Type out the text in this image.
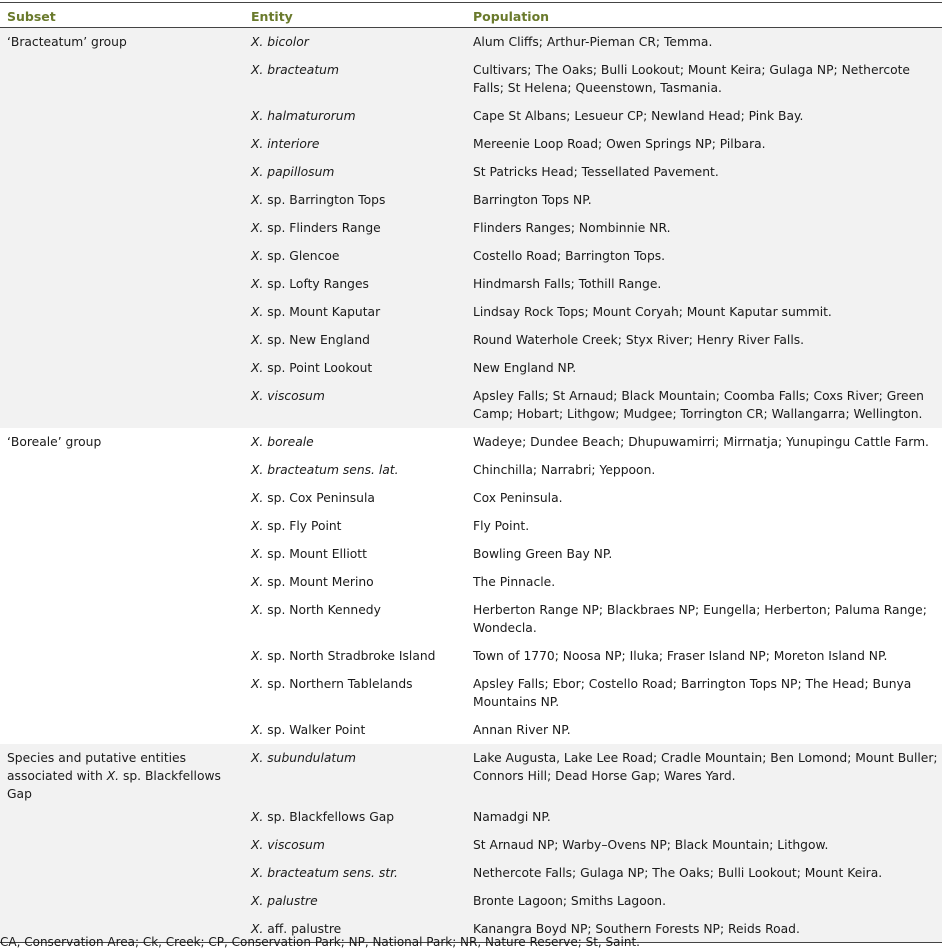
Subset	Entity	Population

‘Bracteatum’ group	X. bicolor	Alum Cliffs; Arthur-Pieman CR; Temma.
	X. bracteatum	Cultivars; The Oaks; Bulli Lookout; Mount Keira; Gulaga NP; Nethercote Falls; St Helena; Queenstown, Tasmania.
	X. halmaturorum	Cape St Albans; Lesueur CP; Newland Head; Pink Bay.
	X. interiore	Mereenie Loop Road; Owen Springs NP; Pilbara.
	X. papillosum	St Patricks Head; Tessellated Pavement.
	X. sp. Barrington Tops	Barrington Tops NP.
	X. sp. Flinders Range	Flinders Ranges; Nombinnie NR.
	X. sp. Glencoe	Costello Road; Barrington Tops.
	X. sp. Lofty Ranges	Hindmarsh Falls; Tothill Range.
	X. sp. Mount Kaputar	Lindsay Rock Tops; Mount Coryah; Mount Kaputar summit.
	X. sp. New England	Round Waterhole Creek; Styx River; Henry River Falls.
	X. sp. Point Lookout	New England NP.
	X. viscosum	Apsley Falls; St Arnaud; Black Mountain; Coomba Falls; Coxs River; Green Camp; Hobart; Lithgow; Mudgee; Torrington CR; Wallangarra; Wellington.

‘Boreale’ group	X. boreale	Wadeye; Dundee Beach; Dhupuwamirri; Mirrnatja; Yunupingu Cattle Farm.
	X. bracteatum sens. lat.	Chinchilla; Narrabri; Yeppoon.
	X. sp. Cox Peninsula	Cox Peninsula.
	X. sp. Fly Point	Fly Point.
	X. sp. Mount Elliott	Bowling Green Bay NP.
	X. sp. Mount Merino	The Pinnacle.
	X. sp. North Kennedy	Herberton Range NP; Blackbraes NP; Eungella; Herberton; Paluma Range; Wondecla.
	X. sp. North Stradbroke Island	Town of 1770; Noosa NP; Iluka; Fraser Island NP; Moreton Island NP.
	X. sp. Northern Tablelands	Apsley Falls; Ebor; Costello Road; Barrington Tops NP; The Head; Bunya Mountains NP.
	X. sp. Walker Point	Annan River NP.

Species and putative entities associated with X. sp. Blackfellows Gap	X. subundulatum	Lake Augusta, Lake Lee Road; Cradle Mountain; Ben Lomond; Mount Buller; Connors Hill; Dead Horse Gap; Wares Yard.
	X. sp. Blackfellows Gap	Namadgi NP.
	X. viscosum	St Arnaud NP; Warby–Ovens NP; Black Mountain; Lithgow.
	X. bracteatum sens. str.	Nethercote Falls; Gulaga NP; The Oaks; Bulli Lookout; Mount Keira.
	X. palustre	Bronte Lagoon; Smiths Lagoon.
	X. aff. palustre	Kanangra Boyd NP; Southern Forests NP; Reids Road.
CA, Conservation Area; Ck, Creek; CP, Conservation Park; NP, National Park; NR, Nature Reserve; St, Saint.
